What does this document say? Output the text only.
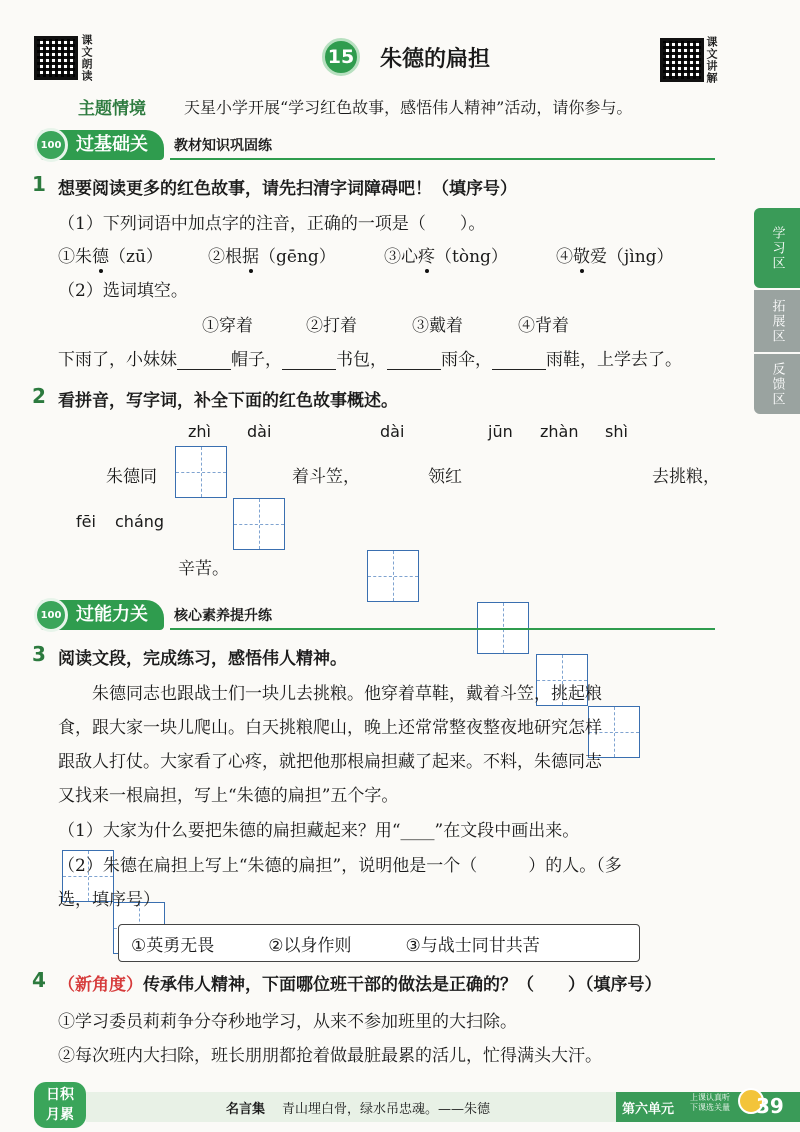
课文朗读	15 朱德的扁担	课文讲解
主题情境 天星小学开展“学习红色故事，感悟伟人精神”活动，请你参与。
学习区
拓展区
反馈区
过基础关	教材知识巩固练
100
1 想要阅读更多的红色故事，请先扫清字词障碍吧！（填序号）
（1）下列词语中加点字的注音，正确的一项是（　　）。
①朱德（zū）	②根据（gēng）	③心疼（tòng）	④敬爱（jìng）
（2）选词填空。
①穿着	②打着	③戴着	④背着
下雨了，小妹妹	帽子，	书包，	雨伞，	雨鞋，上学去了。
2 看拼音，写字词，补全下面的红色故事概述。
zhì dài	dài	jūn zhàn shì
朱德同	着斗笠，	领红	去挑粮，
fēi cháng
辛苦。
过能力关	核心素养提升练
100
3 阅读文段，完成练习，感悟伟人精神。
朱德同志也跟战士们一块儿去挑粮。他穿着草鞋，戴着斗笠，挑起粮
食，跟大家一块儿爬山。白天挑粮爬山，晚上还常常整夜整夜地研究怎样
跟敌人打仗。大家看了心疼，就把他那根扁担藏了起来。不料，朱德同志
又找来一根扁担，写上“朱德的扁担”五个字。
（1）大家为什么要把朱德的扁担藏起来？用“____”在文段中画出来。
（2）朱德在扁担上写上“朱德的扁担”，说明他是一个（　　　）的人。（多
选，填序号）
①英勇无畏	②以身作则	③与战士同甘共苦
4 （新角度）传承伟人精神，下面哪位班干部的做法是正确的？（　　）（填序号）
①学习委员莉莉争分夺秒地学习，从来不参加班里的大扫除。
②每次班内大扫除，班长朋朋都抢着做最脏最累的活儿，忙得满头大汗。
日积
月累	名言集 青山埋白骨，绿水吊忠魂。——朱德	第六单元
上课认真听
下课选关量 39
